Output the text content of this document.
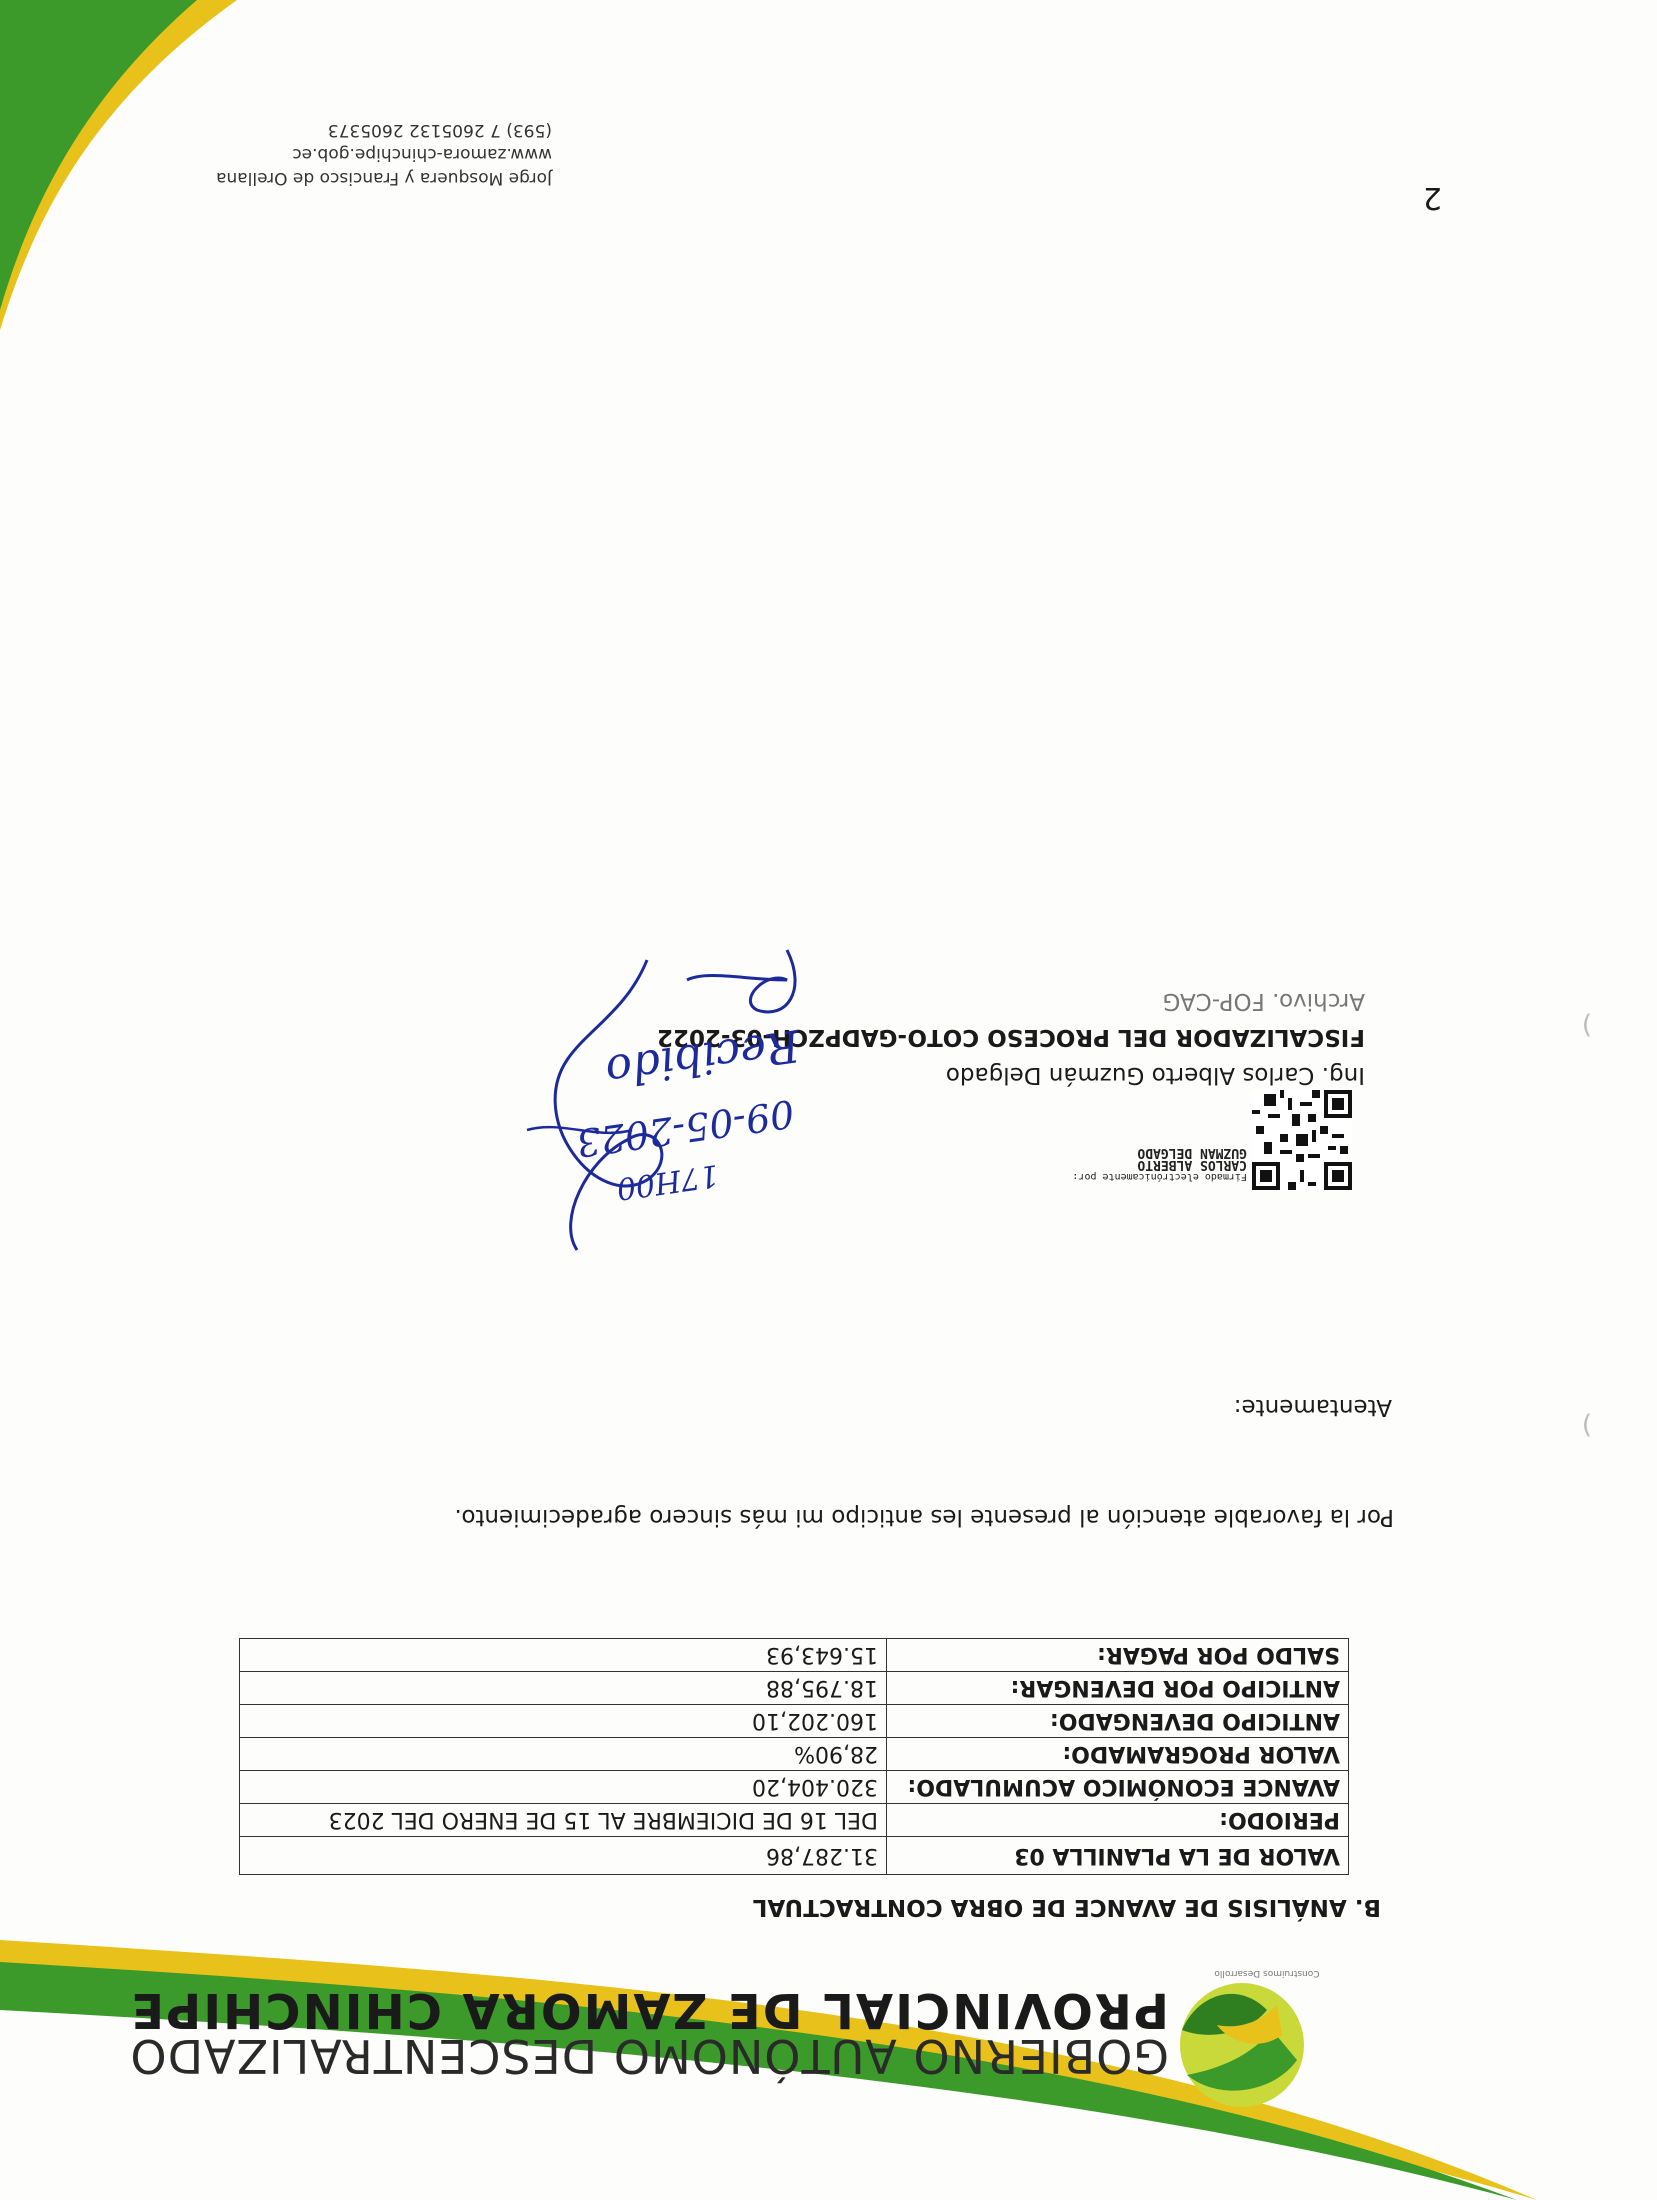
Construimos Desarrollo
GOBIERNO AUTÓNOMO DESCENTRALIZADO
PROVINCIAL DE ZAMORA CHINCHIPE
B. ANÁLISIS DE AVANCE DE OBRA CONTRACTUAL
VALOR DE LA PLANILLA 03	31.287,86
PERIODO:	DEL 16 DE DICIEMBRE AL 15 DE ENERO DEL 2023
AVANCE ECONÓMICO ACUMULADO:	320.404,20
VALOR PROGRAMADO:	28,90%
ANTICIPO DEVENGADO:	160.202,10
ANTICIPO POR DEVENGAR:	18.795,88
SALDO POR PAGAR:	15.643,93
Por la favorable atención al presente les anticipo mi más sincero agradecimiento.
Atentamente:
Firmado electrónicamente por:
CARLOS ALBERTO
GUZMAN DELGADO
Ing. Carlos Alberto Guzmán Delgado
FISCALIZADOR DEL PROCESO COTO-GADPZCH-03-2022
Archivo. FOP-CAG
Recibido
09-05-2023
17H00
)
)
2
Jorge Mosquera y Francisco de Orellana
www.zamora-chinchipe.gob.ec
(593) 7 2605132 2605373
